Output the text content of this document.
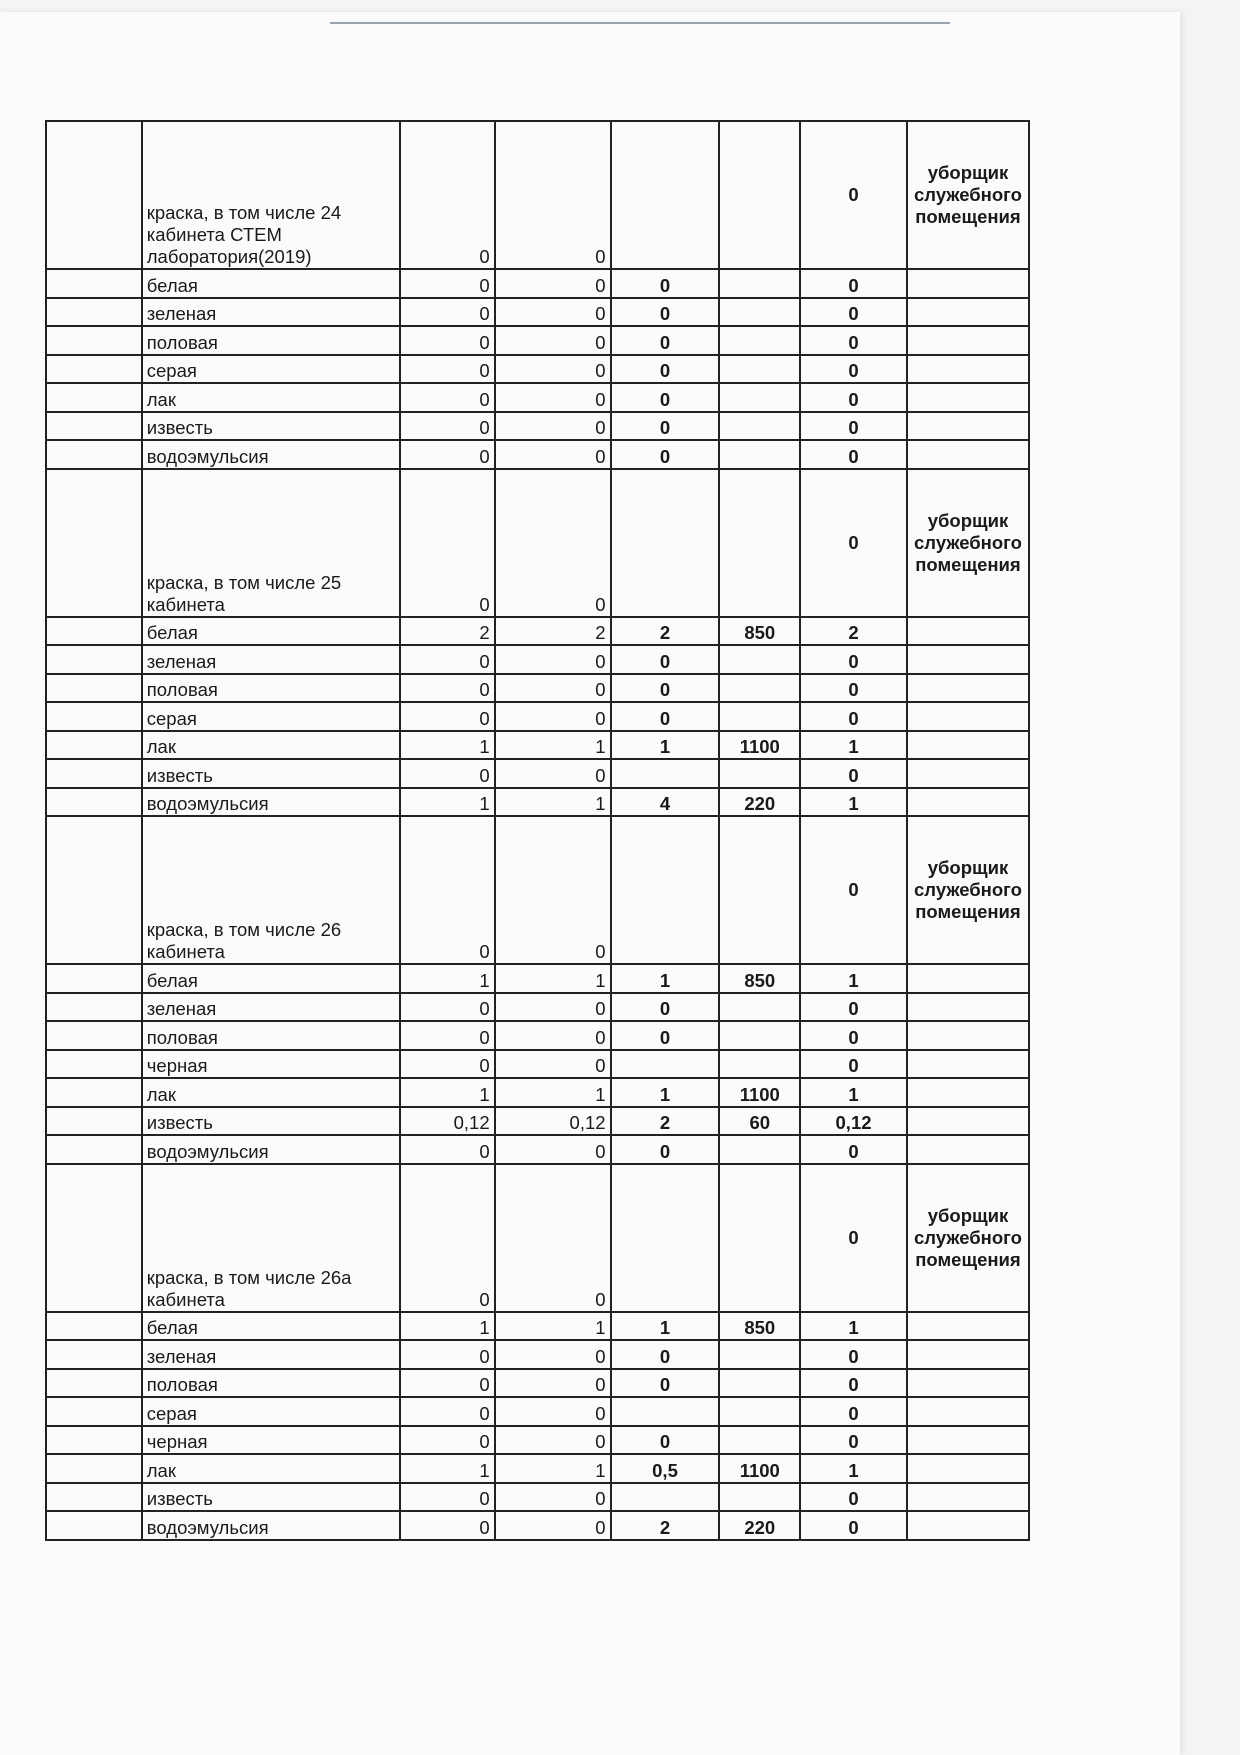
	краска, в том числе 24 кабинета СТЕМ лаборатория(2019)	0	0			0	уборщик служебного помещения
	белая	0	0	0		0	
	зеленая	0	0	0		0	
	половая	0	0	0		0	
	серая	0	0	0		0	
	лак	0	0	0		0	
	известь	0	0	0		0	
	водоэмульсия	0	0	0		0	
	краска, в том числе 25 кабинета	0	0			0	уборщик служебного помещения
	белая	2	2	2	850	2	
	зеленая	0	0	0		0	
	половая	0	0	0		0	
	серая	0	0	0		0	
	лак	1	1	1	1100	1	
	известь	0	0			0	
	водоэмульсия	1	1	4	220	1	
	краска, в том числе 26 кабинета	0	0			0	уборщик служебного помещения
	белая	1	1	1	850	1	
	зеленая	0	0	0		0	
	половая	0	0	0		0	
	черная	0	0			0	
	лак	1	1	1	1100	1	
	известь	0,12	0,12	2	60	0,12	
	водоэмульсия	0	0	0		0	
	краска, в том числе 26а кабинета	0	0			0	уборщик служебного помещения
	белая	1	1	1	850	1	
	зеленая	0	0	0		0	
	половая	0	0	0		0	
	серая	0	0			0	
	черная	0	0	0		0	
	лак	1	1	0,5	1100	1	
	известь	0	0			0	
	водоэмульсия	0	0	2	220	0	
